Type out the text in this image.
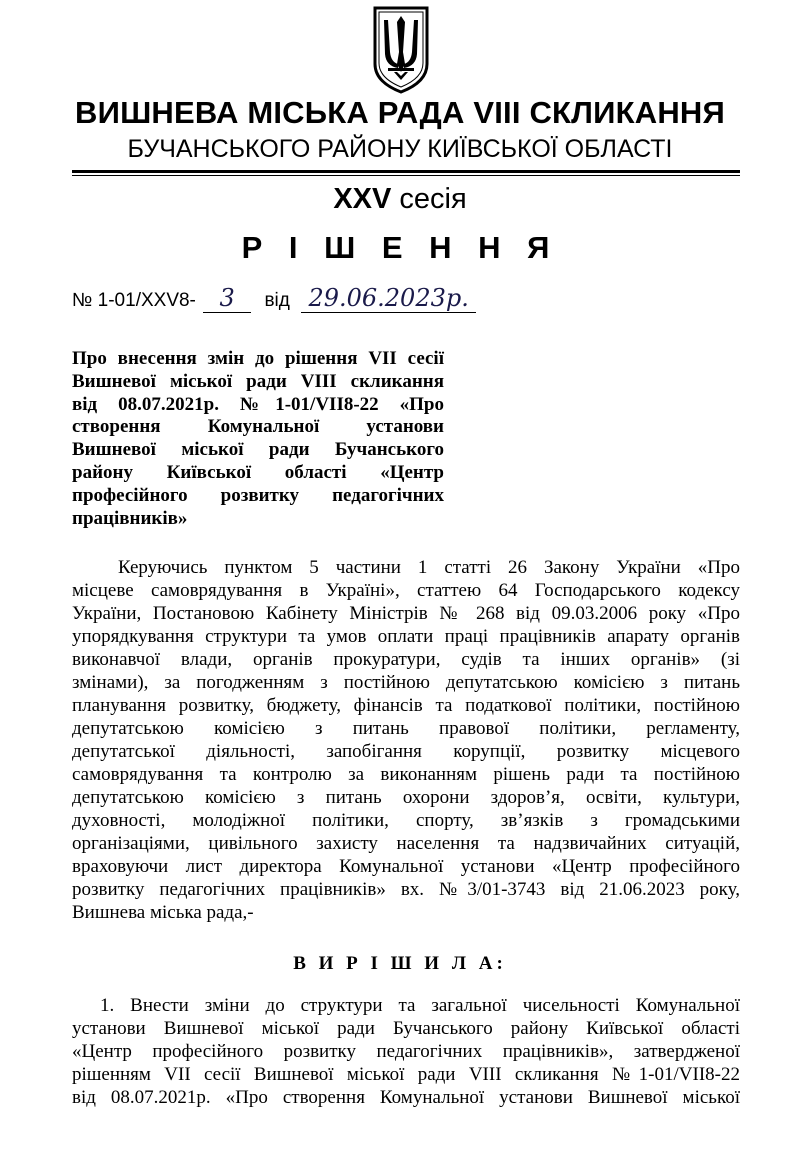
ВИШНЕВА МІСЬКА РАДА VIII СКЛИКАННЯ
БУЧАНСЬКОГО РАЙОНУ КИЇВСЬКОЇ ОБЛАСТІ
XXV сесія
Р І Ш Е Н Н Я
№ 1-01/XXV8- 3 від 29.06.2023р.
Про внесення змін до рішення VII сесії
Вишневої міської ради VIII скликання
від 08.07.2021р. №1-01/VII8-22 «Про
створення Комунальної установи
Вишневої міської ради Бучанського
району Київської області «Центр
професійного розвитку педагогічних
працівників»
Керуючись пунктом 5 частини 1 статті 26 Закону України «Про
місцеве самоврядування в Україні», статтею 64 Господарського кодексу
України, Постановою Кабінету Міністрів № 268 від 09.03.2006 року «Про
упорядкування структури та умов оплати праці працівників апарату органів
виконавчої влади, органів прокуратури, судів та інших органів» (зі
змінами), за погодженням з постійною депутатською комісією з питань
планування розвитку, бюджету, фінансів та податкової політики, постійною
депутатською комісією з питань правової політики, регламенту,
депутатської діяльності, запобігання корупції, розвитку місцевого
самоврядування та контролю за виконанням рішень ради та постійною
депутатською комісією з питань охорони здоров’я, освіти, культури,
духовності, молодіжної політики, спорту, зв’язків з громадськими
організаціями, цивільного захисту населення та надзвичайних ситуацій,
враховуючи лист директора Комунальної установи «Центр професійного
розвитку педагогічних працівників» вх. №3/01-3743 від 21.06.2023 року,
Вишнева міська рада,-
В И Р І Ш И Л А:
1. Внести зміни до структури та загальної чисельності Комунальної
установи Вишневої міської ради Бучанського району Київської області
«Центр професійного розвитку педагогічних працівників», затвердженої
рішенням VII сесії Вишневої міської ради VIII скликання №1-01/VII8-22
від 08.07.2021р. «Про створення Комунальної установи Вишневої міської
